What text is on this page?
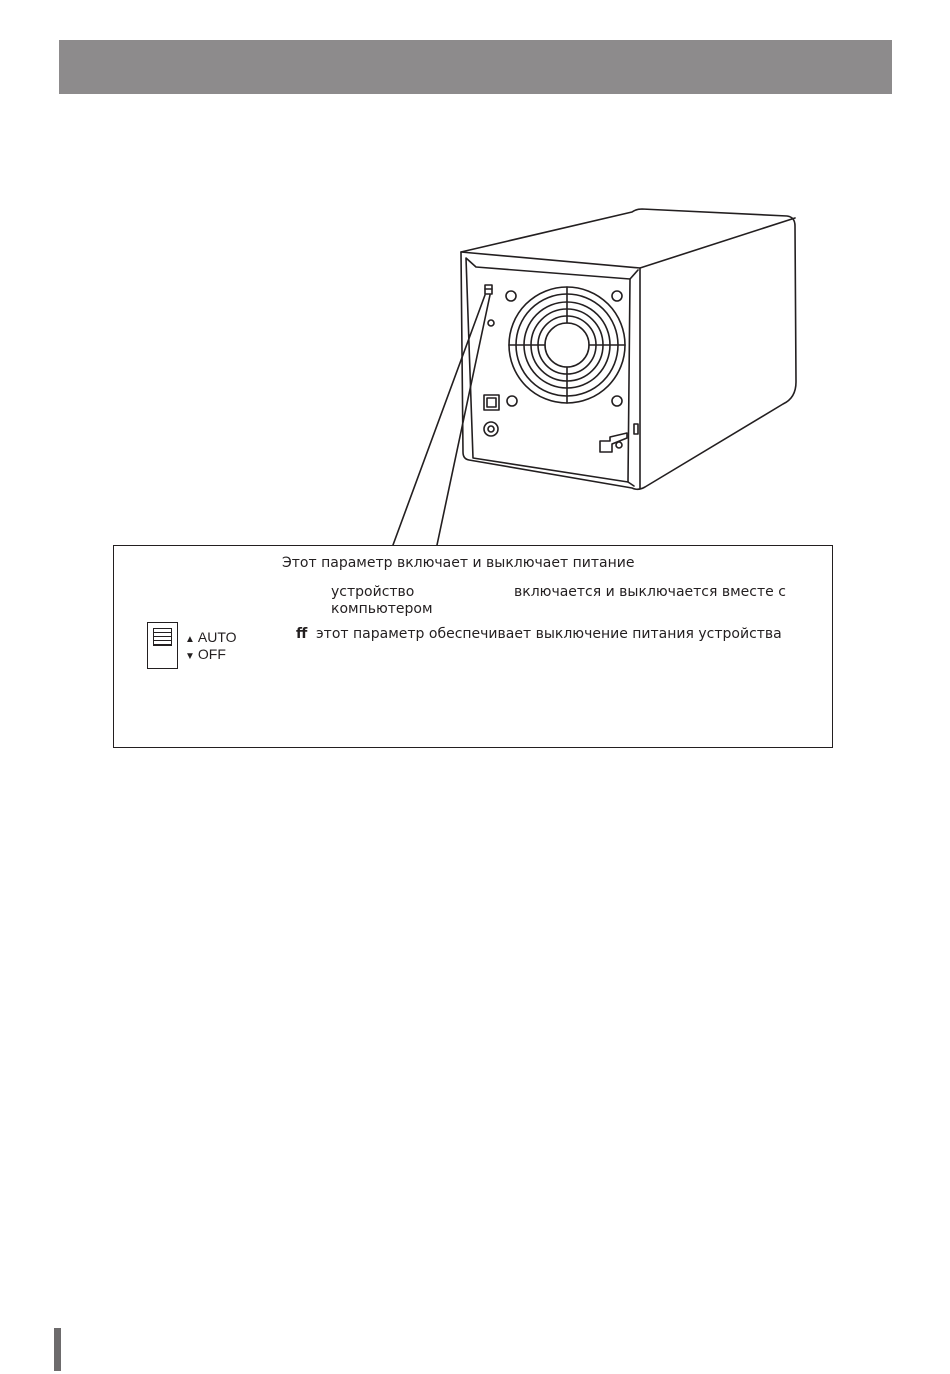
Этот параметр включает и выключает питание
устройство	включается и выключается вместе с
компьютером
ff этот параметр обеспечивает выключение питания устройства
▲ AUTO
▼ OFF
